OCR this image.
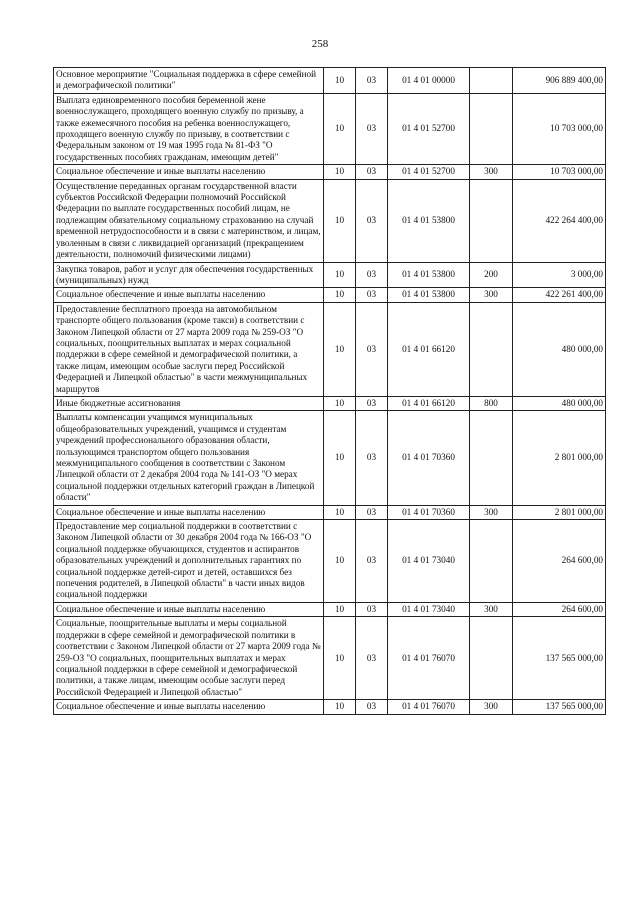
258
Основное мероприятие "Социальная поддержка в сфере семейной и демографической политики"	10	03	01 4 01 00000		906 889 400,00
Выплата единовременного пособия беременной жене военнослужащего, проходящего военную службу по призыву, а также ежемесячного пособия на ребенка военнослужащего, проходящего военную службу по призыву, в соответствии с Федеральным законом от 19 мая 1995 года № 81-ФЗ "О государственных пособиях гражданам, имеющим детей"	10	03	01 4 01 52700		10 703 000,00
Социальное обеспечение и иные выплаты населению	10	03	01 4 01 52700	300	10 703 000,00
Осуществление переданных органам государственной власти субъектов Российской Федерации полномочий Российской Федерации по выплате государственных пособий лицам, не подлежащим обязательному социальному страхованию на случай временной нетрудоспособности и в связи с материнством, и лицам, уволенным в связи с ликвидацией организаций (прекращением деятельности, полномочий физическими лицами)	10	03	01 4 01 53800		422 264 400,00
Закупка товаров, работ и услуг для обеспечения государственных (муниципальных) нужд	10	03	01 4 01 53800	200	3 000,00
Социальное обеспечение и иные выплаты населению	10	03	01 4 01 53800	300	422 261 400,00
Предоставление бесплатного проезда на автомобильном транспорте общего пользования (кроме такси) в соответствии с Законом Липецкой области от 27 марта 2009 года № 259-ОЗ "О социальных, поощрительных выплатах и мерах социальной поддержки в сфере семейной и демографической политики, а также лицам, имеющим особые заслуги перед Российской Федерацией и Липецкой областью" в части межмуниципальных маршрутов	10	03	01 4 01 66120		480 000,00
Иные бюджетные ассигнования	10	03	01 4 01 66120	800	480 000,00
Выплаты компенсации учащимся муниципальных общеобразовательных учреждений, учащимся и студентам учреждений профессионального образования области, пользующимся транспортом общего пользования межмуниципального сообщения в соответствии с Законом Липецкой области от 2 декабря 2004 года № 141-ОЗ "О мерах социальной поддержки отдельных категорий граждан в Липецкой области"	10	03	01 4 01 70360		2 801 000,00
Социальное обеспечение и иные выплаты населению	10	03	01 4 01 70360	300	2 801 000,00
Предоставление мер социальной поддержки в соответствии с Законом Липецкой области от 30 декабря 2004 года № 166-ОЗ "О социальной поддержке обучающихся, студентов и аспирантов образовательных учреждений и дополнительных гарантиях по социальной поддержке детей-сирот и детей, оставшихся без попечения родителей, в Липецкой области" в части иных видов социальной поддержки	10	03	01 4 01 73040		264 600,00
Социальное обеспечение и иные выплаты населению	10	03	01 4 01 73040	300	264 600,00
Социальные, поощрительные выплаты и меры социальной поддержки в сфере семейной и демографической политики в соответствии с Законом Липецкой области от 27 марта 2009 года № 259-ОЗ "О социальных, поощрительных выплатах и мерах социальной поддержки в сфере семейной и демографической политики, а также лицам, имеющим особые заслуги перед Российской Федерацией и Липецкой областью"	10	03	01 4 01 76070		137 565 000,00
Социальное обеспечение и иные выплаты населению	10	03	01 4 01 76070	300	137 565 000,00
